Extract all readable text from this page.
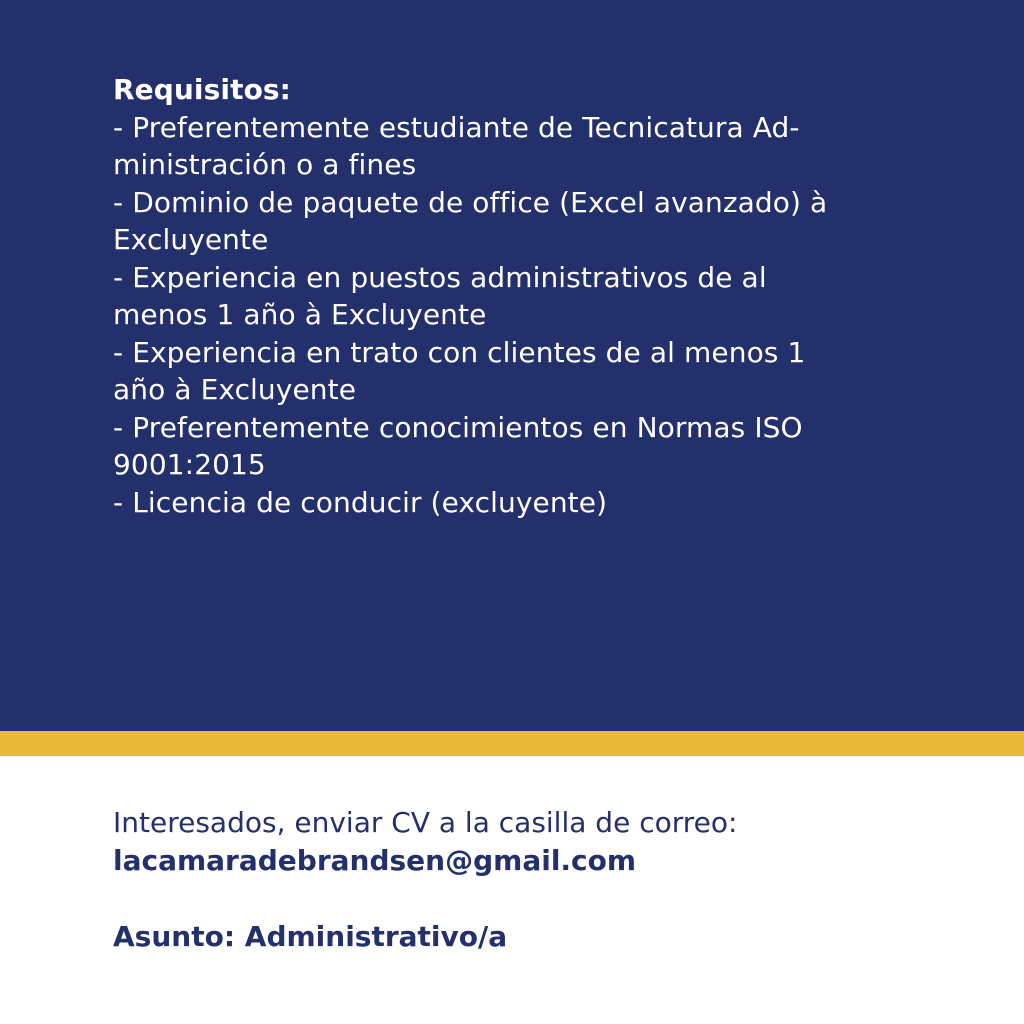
Requisitos:

- Preferentemente estudiante de Tecnicatura Ad-

ministración o a fines

- Dominio de paquete de office (Excel avanzado) à

Excluyente

- Experiencia en puestos administrativos de al

menos 1 año à Excluyente

- Experiencia en trato con clientes de al menos 1

año à Excluyente

- Preferentemente conocimientos en Normas ISO

9001:2015

- Licencia de conducir (excluyente)

Interesados, enviar CV a la casilla de correo:

lacamaradebrandsen@gmail.com

Asunto: Administrativo/a
